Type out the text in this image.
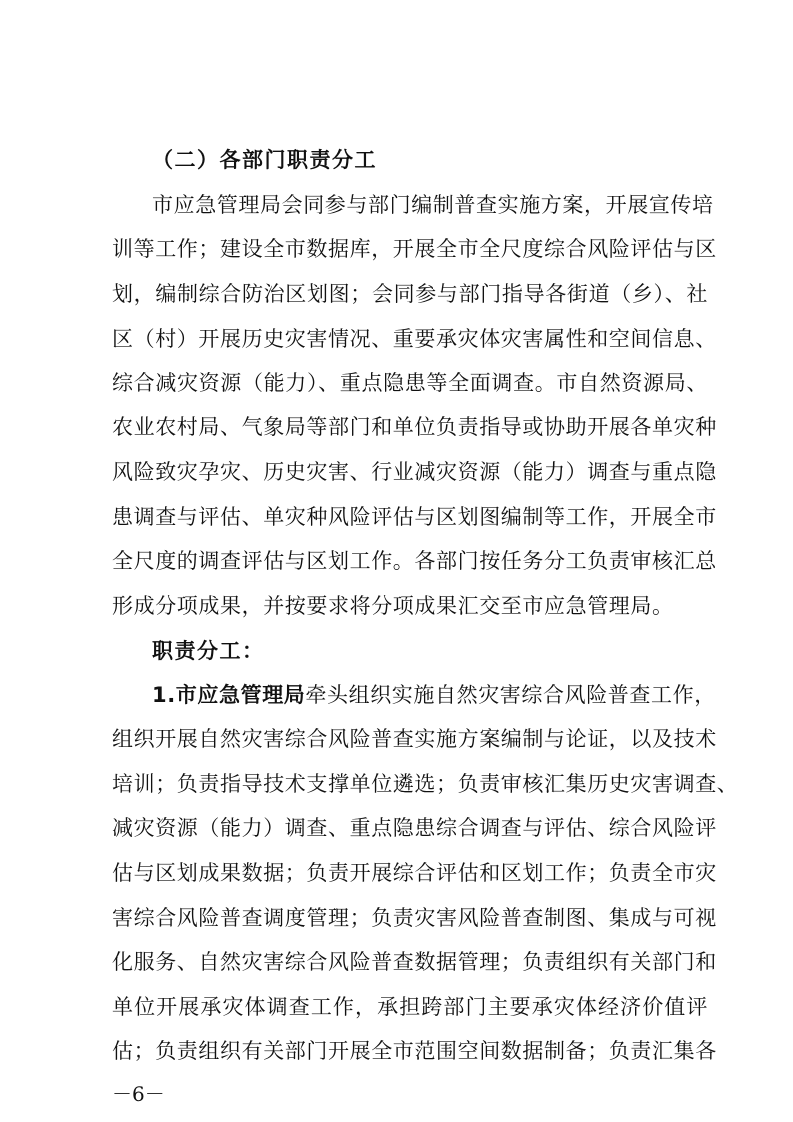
（二）各部门职责分工
市应急管理局会同参与部门编制普查实施方案，开展宣传培
训等工作；建设全市数据库，开展全市全尺度综合风险评估与区
划，编制综合防治区划图；会同参与部门指导各街道（乡）、社
区（村）开展历史灾害情况、重要承灾体灾害属性和空间信息、
综合减灾资源（能力）、重点隐患等全面调查。市自然资源局、
农业农村局、气象局等部门和单位负责指导或协助开展各单灾种
风险致灾孕灾、历史灾害、行业减灾资源（能力）调查与重点隐
患调查与评估、单灾种风险评估与区划图编制等工作，开展全市
全尺度的调查评估与区划工作。各部门按任务分工负责审核汇总
形成分项成果，并按要求将分项成果汇交至市应急管理局。
职责分工：
1.市应急管理局牵头组织实施自然灾害综合风险普查工作，
组织开展自然灾害综合风险普查实施方案编制与论证，以及技术
培训；负责指导技术支撑单位遴选；负责审核汇集历史灾害调查、
减灾资源（能力）调查、重点隐患综合调查与评估、综合风险评
估与区划成果数据；负责开展综合评估和区划工作；负责全市灾
害综合风险普查调度管理；负责灾害风险普查制图、集成与可视
化服务、自然灾害综合风险普查数据管理；负责组织有关部门和
单位开展承灾体调查工作，承担跨部门主要承灾体经济价值评
估；负责组织有关部门开展全市范围空间数据制备；负责汇集各
－6－
